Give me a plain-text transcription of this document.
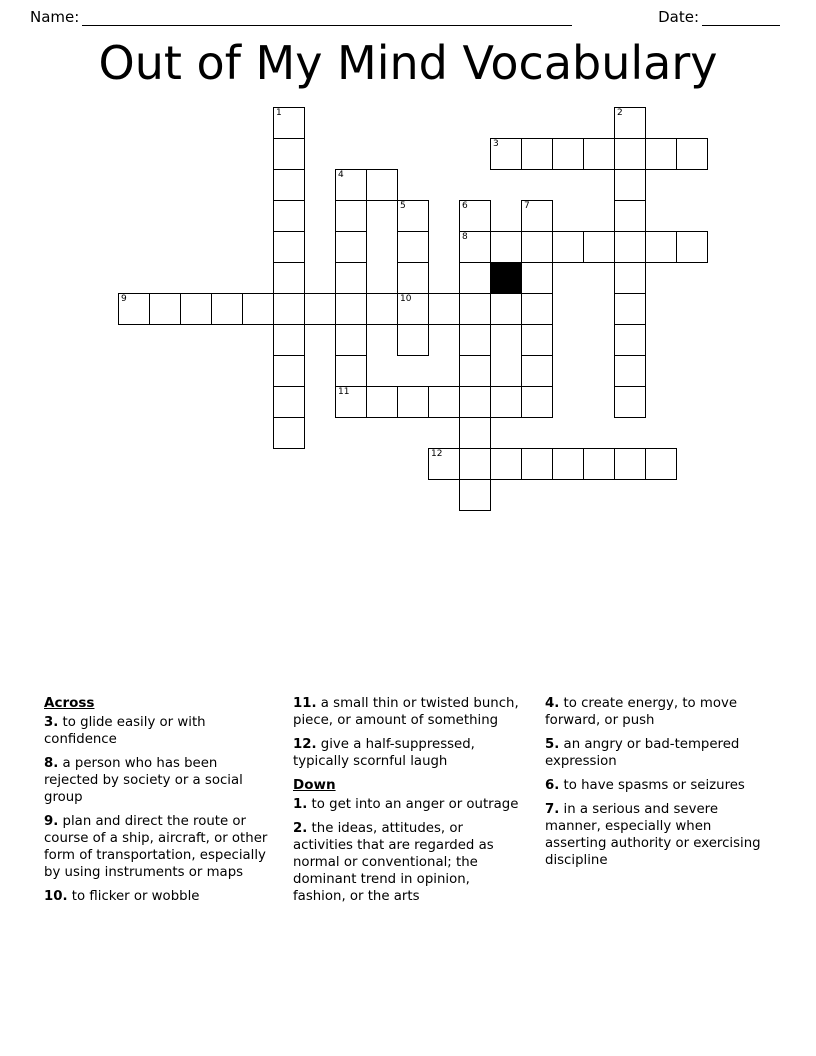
Name:	Date:
Out of My Mind Vocabulary
1	2
3
4
5	6	7
8
9	10
11
12
Across
3. to glide easily or with confidence
8. a person who has been rejected by society or a social group
9. plan and direct the route or course of a ship, aircraft, or other form of transportation, especially by using instruments or maps
10. to flicker or wobble
11. a small thin or twisted bunch, piece, or amount of something
12. give a half-suppressed, typically scornful laugh
Down
1. to get into an anger or outrage
2. the ideas, attitudes, or activities that are regarded as normal or conventional; the dominant trend in opinion, fashion, or the arts
4. to create energy, to move forward, or push
5. an angry or bad-tempered expression
6. to have spasms or seizures
7. in a serious and severe manner, especially when asserting authority or exercising discipline
